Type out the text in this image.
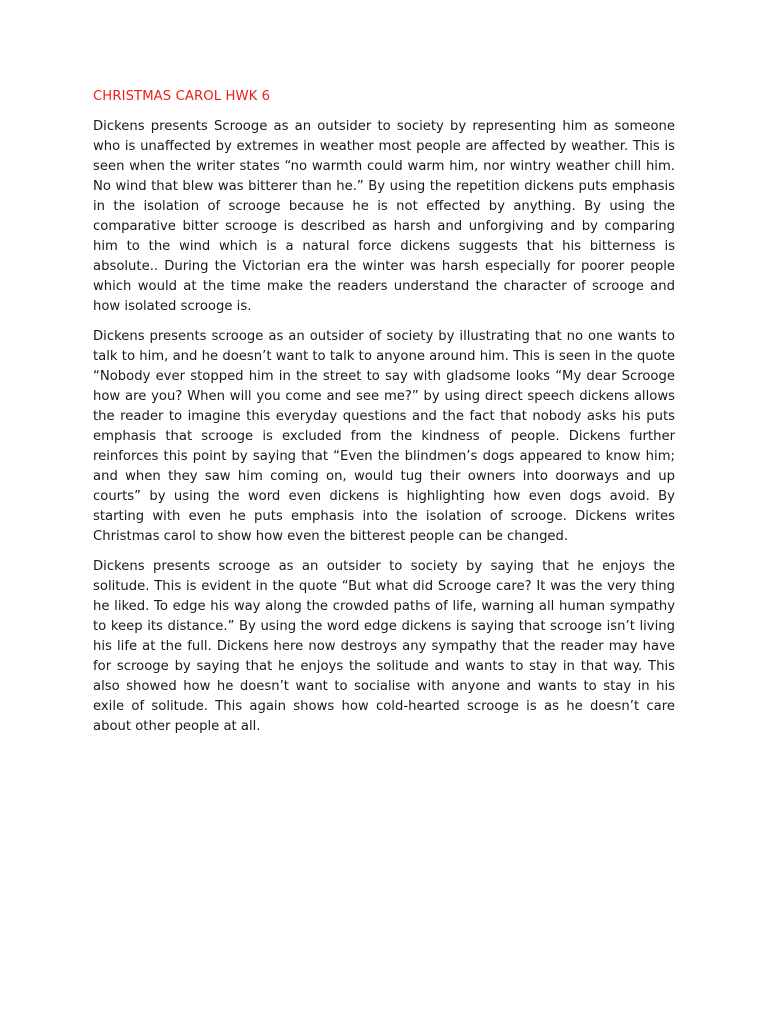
CHRISTMAS CAROL HWK 6

Dickens presents Scrooge as an outsider to society by representing him as someone who is unaffected by extremes in weather most people are affected by weather. This is seen when the writer states “no warmth could warm him, nor wintry weather chill him. No wind that blew was bitterer than he.” By using the repetition dickens puts emphasis in the isolation of scrooge because he is not effected by anything. By using the comparative bitter scrooge is described as harsh and unforgiving and by comparing him to the wind which is a natural force dickens suggests that his bitterness is absolute.. During the Victorian era the winter was harsh especially for poorer people which would at the time make the readers understand the character of scrooge and how isolated scrooge is.

Dickens presents scrooge as an outsider of society by illustrating that no one wants to talk to him, and he doesn’t want to talk to anyone around him. This is seen in the quote “Nobody ever stopped him in the street to say with gladsome looks “My dear Scrooge how are you? When will you come and see me?” by using direct speech dickens allows the reader to imagine this everyday questions and the fact that nobody asks his puts emphasis that scrooge is excluded from the kindness of people. Dickens further reinforces this point by saying that “Even the blindmen’s dogs appeared to know him; and when they saw him coming on, would tug their owners into doorways and up courts” by using the word even dickens is highlighting how even dogs avoid. By starting with even he puts emphasis into the isolation of scrooge. Dickens writes Christmas carol to show how even the bitterest people can be changed.

Dickens presents scrooge as an outsider to society by saying that he enjoys the solitude. This is evident in the quote “But what did Scrooge care? It was the very thing he liked. To edge his way along the crowded paths of life, warning all human sympathy to keep its distance.” By using the word edge dickens is saying that scrooge isn’t living his life at the full. Dickens here now destroys any sympathy that the reader may have for scrooge by saying that he enjoys the solitude and wants to stay in that way. This also showed how he doesn’t want to socialise with anyone and wants to stay in his exile of solitude. This again shows how cold-hearted scrooge is as he doesn’t care about other people at all.
